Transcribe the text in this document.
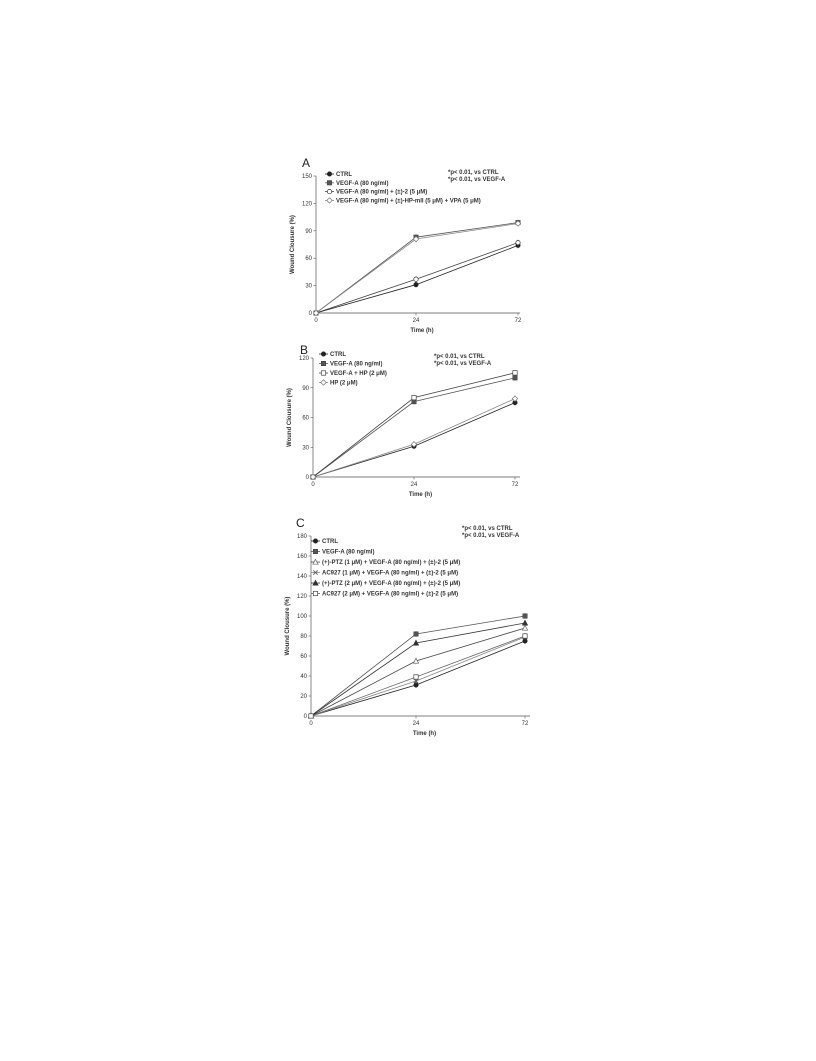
A
0
30
60
90
120
150
0	24	72
Time (h)
Wound Clousure (%)
CTRL
VEGF-A (80 ng/ml)
VEGF-A (80 ng/ml) + (±)-2 (5 μM)
VEGF-A (80 ng/ml) + (±)-HP-mII (5 μM) + VPA (5 μM)
*p< 0.01, vs CTRL
*p< 0.01, vs VEGF-A
B
0
30
60
90
120
0	24	72
Time (h)
Wound Clousure (%)
CTRL
VEGF-A (80 ng/ml)
VEGF-A + HP (2 μM)
HP (2 μM)
*p< 0.01, vs CTRL
*p< 0.01, vs VEGF-A
C
0
20
40
60
80
100
120
140
160
180
0	24	72
Time (h)
Wound Clousure (%)
CTRL
VEGF-A (80 ng/ml)
(+)-PTZ (1 μM) + VEGF-A (80 ng/ml) + (±)-2 (5 μM)
AC927 (1 μM) + VEGF-A (80 ng/ml) + (±)-2 (5 μM)
(+)-PTZ (2 μM) + VEGF-A (80 ng/ml) + (±)-2 (5 μM)
AC927 (2 μM) + VEGF-A (80 ng/ml) + (±)-2 (5 μM)
*p< 0.01, vs CTRL
*p< 0.01, vs VEGF-A
